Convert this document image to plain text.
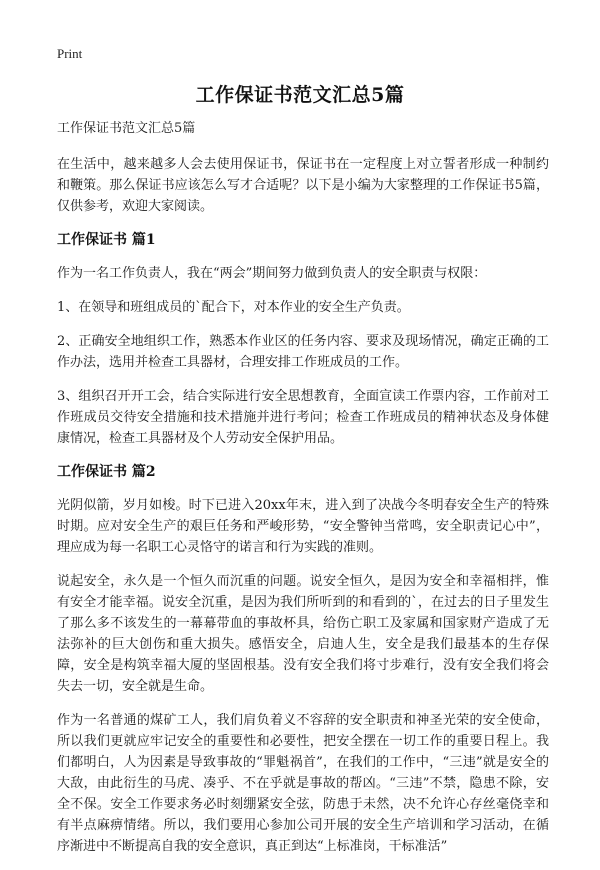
Print
工作保证书范文汇总5篇

工作保证书范文汇总5篇

在生活中，越来越多人会去使用保证书，保证书在一定程度上对立誓者形成一种制约和鞭策。那么保证书应该怎么写才合适呢？以下是小编为大家整理的工作保证书5篇，仅供参考，欢迎大家阅读。

工作保证书 篇1

作为一名工作负责人，我在“两会”期间努力做到负责人的安全职责与权限：

1、在领导和班组成员的`配合下，对本作业的安全生产负责。

2、正确安全地组织工作，熟悉本作业区的任务内容、要求及现场情况，确定正确的工作办法，选用并检查工具器材，合理安排工作班成员的工作。

3、组织召开开工会，结合实际进行安全思想教育，全面宣读工作票内容，工作前对工作班成员交待安全措施和技术措施并进行考问；检查工作班成员的精神状态及身体健康情况，检查工具器材及个人劳动安全保护用品。

工作保证书 篇2

光阴似箭，岁月如梭。时下已进入20xx年末，进入到了决战今冬明春安全生产的特殊时期。应对安全生产的艰巨任务和严峻形势，“安全警钟当常鸣，安全职责记心中”，理应成为每一名职工心灵恪守的诺言和行为实践的准则。

说起安全，永久是一个恒久而沉重的问题。说安全恒久，是因为安全和幸福相拌，惟有安全才能幸福。说安全沉重，是因为我们所听到的和看到的`，在过去的日子里发生了那么多不该发生的一幕幕带血的事故杯具，给伤亡职工及家属和国家财产造成了无法弥补的巨大创伤和重大损失。感悟安全，启迪人生，安全是我们最基本的生存保障，安全是构筑幸福大厦的坚固根基。没有安全我们将寸步难行，没有安全我们将会失去一切，安全就是生命。

作为一名普通的煤矿工人，我们肩负着义不容辞的安全职责和神圣光荣的安全使命，所以我们更就应牢记安全的重要性和必要性，把安全摆在一切工作的重要日程上。我们都明白，人为因素是导致事故的“罪魁祸首”，在我们的工作中，“三违”就是安全的大敌，由此衍生的马虎、凑乎、不在乎就是事故的帮凶。“三违”不禁，隐患不除，安全不保。安全工作要求务必时刻绷紧安全弦，防患于未然，决不允许心存丝毫侥幸和有半点麻痹情绪。所以，我们要用心参加公司开展的安全生产培训和学习活动，在循序渐进中不断提高自我的安全意识，真正到达“上标准岗，干标准活”
